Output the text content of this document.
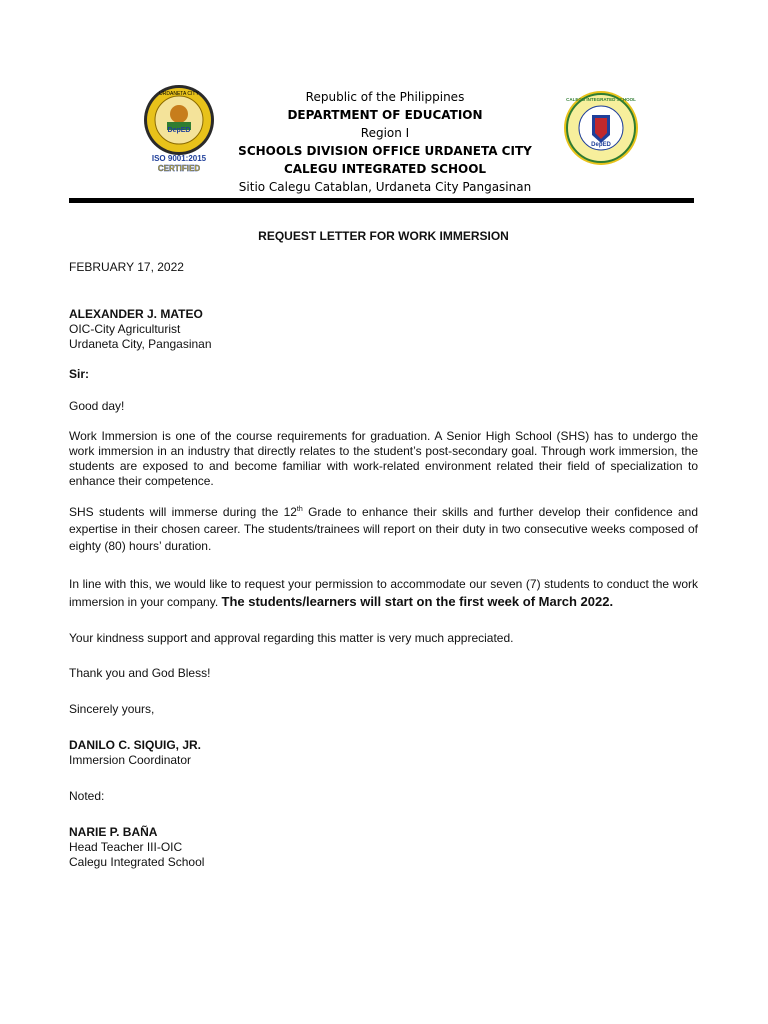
DepED
URDANETA CITY
ISO 9001:2015
CERTIFIED
DepED
CALEGU INTEGRATED SCHOOL
Republic of the Philippines
DEPARTMENT OF EDUCATION
Region I
SCHOOLS DIVISION OFFICE URDANETA CITY
CALEGU INTEGRATED SCHOOL
Sitio Calegu Catablan, Urdaneta City Pangasinan
REQUEST LETTER FOR WORK IMMERSION
FEBRUARY 17, 2022
ALEXANDER J. MATEO
OIC-City Agriculturist
Urdaneta City, Pangasinan
Sir:
Good day!
Work Immersion is one of the course requirements for graduation. A Senior High School (SHS) has to undergo the work immersion in an industry that directly relates to the student’s post-secondary goal. Through work immersion, the students are exposed to and become familiar with work-related environment related their field of specialization to enhance their competence.
SHS students will immerse during the 12th Grade to enhance their skills and further develop their confidence and expertise in their chosen career. The students/trainees will report on their duty in two consecutive weeks composed of eighty (80) hours’ duration.
In line with this, we would like to request your permission to accommodate our seven (7) students to conduct the work immersion in your company. The students/learners will start on the first week of March 2022.
Your kindness support and approval regarding this matter is very much appreciated.
Thank you and God Bless!
Sincerely yours,
DANILO C. SIQUIG, JR.
Immersion Coordinator
Noted:
NARIE P. BAÑA
Head Teacher III-OIC
Calegu Integrated School
